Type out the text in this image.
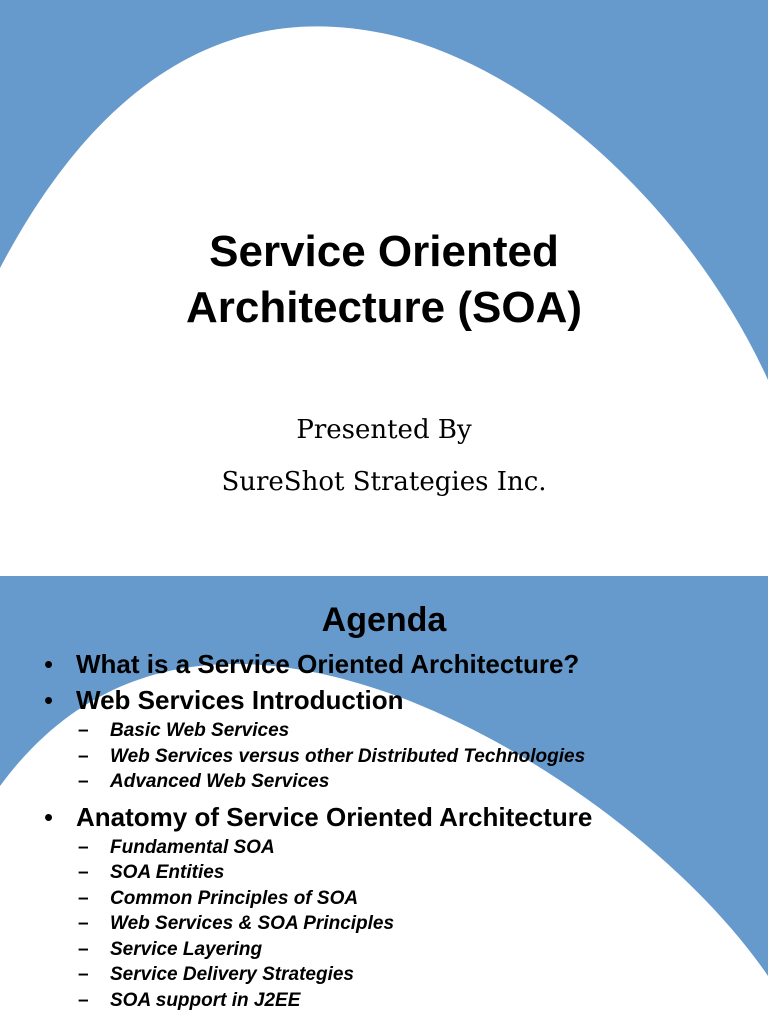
Service Oriented
Architecture (SOA)
Presented By
SureShot Strategies Inc.
Agenda
• What is a Service Oriented Architecture?
• Web Services Introduction
– Basic Web Services
– Web Services versus other Distributed Technologies
– Advanced Web Services
• Anatomy of Service Oriented Architecture
– Fundamental SOA
– SOA Entities
– Common Principles of SOA
– Web Services & SOA Principles
– Service Layering
– Service Delivery Strategies
– SOA support in J2EE
